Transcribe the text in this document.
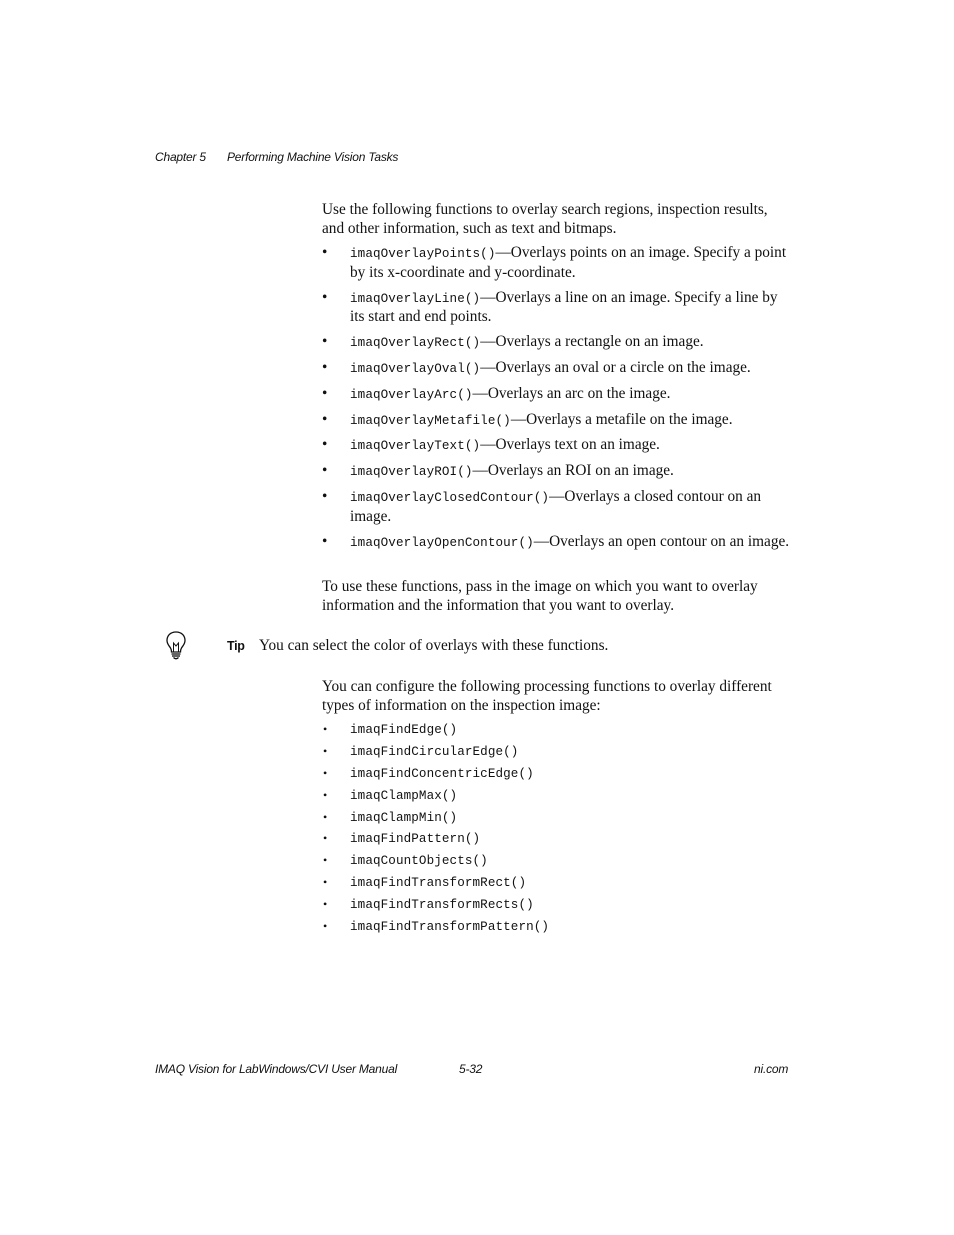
Chapter 5 Performing Machine Vision Tasks
Use the following functions to overlay search regions, inspection results, and other information, such as text and bitmaps.
• imaqOverlayPoints()—Overlays points on an image. Specify a point by its x-coordinate and y-coordinate.
• imaqOverlayLine()—Overlays a line on an image. Specify a line by its start and end points.
• imaqOverlayRect()—Overlays a rectangle on an image.
• imaqOverlayOval()—Overlays an oval or a circle on the image.
• imaqOverlayArc()—Overlays an arc on the image.
• imaqOverlayMetafile()—Overlays a metafile on the image.
• imaqOverlayText()—Overlays text on an image.
• imaqOverlayROI()—Overlays an ROI on an image.
• imaqOverlayClosedContour()—Overlays a closed contour on an image.
• imaqOverlayOpenContour()—Overlays an open contour on an image.
To use these functions, pass in the image on which you want to overlay information and the information that you want to overlay.
Tip You can select the color of overlays with these functions.
You can configure the following processing functions to overlay different types of information on the inspection image:
• imaqFindEdge()
• imaqFindCircularEdge()
• imaqFindConcentricEdge()
• imaqClampMax()
• imaqClampMin()
• imaqFindPattern()
• imaqCountObjects()
• imaqFindTransformRect()
• imaqFindTransformRects()
• imaqFindTransformPattern()
IMAQ Vision for LabWindows/CVI User Manual	5-32	ni.com
